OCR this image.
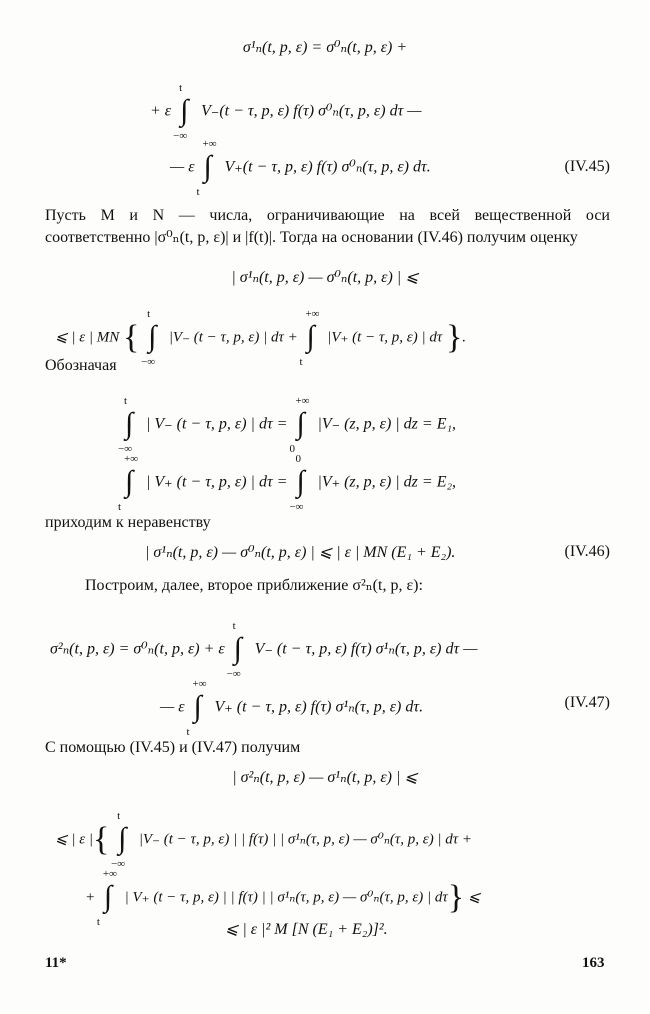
σ¹ₙ(t, p, ε) = σ⁰ₙ(t, p, ε) +
+ ε
t
∫
−∞
V₋(t − τ, p, ε) f(τ) σ⁰ₙ(τ, p, ε) dτ —
— ε
+∞
∫
t
V₊(t − τ, p, ε) f(τ) σ⁰ₙ(τ, p, ε) dτ.	(IV.45)
Пусть M и N — числа, ограничивающие на всей вещественной оси соответственно |σ⁰ₙ(t, p, ε)| и |f(t)|. Тогда на основании (IV.46) получим оценку
| σ¹ₙ(t, p, ε) — σ⁰ₙ(t, p, ε) | ⩽
⩽ | ε | MN {
t
∫
−∞
|V₋ (t − τ, p, ε) | dτ +
+∞
∫
t
|V₊ (t − τ, p, ε) | dτ }.
Обозначая
t
∫
−∞
| V₋ (t − τ, p, ε) | dτ =
+∞
∫
0
|V₋ (z, p, ε) | dz = E₁,
+∞
∫
t
| V₊ (t − τ, p, ε) | dτ =
0
∫
−∞
|V₊ (z, p, ε) | dz = E₂,
приходим к неравенству
| σ¹ₙ(t, p, ε) — σ⁰ₙ(t, p, ε) | ⩽ | ε | MN (E₁ + E₂).	(IV.46)
Построим, далее, второе приближение σ²ₙ(t, p, ε):
σ²ₙ(t, p, ε) = σ⁰ₙ(t, p, ε) + ε
t
∫
−∞
V₋ (t − τ, p, ε) f(τ) σ¹ₙ(τ, p, ε) dτ —
— ε
+∞
∫
t
V₊ (t − τ, p, ε) f(τ) σ¹ₙ(τ, p, ε) dτ.	(IV.47)
С помощью (IV.45) и (IV.47) получим
| σ²ₙ(t, p, ε) — σ¹ₙ(t, p, ε) | ⩽
⩽ | ε |{
t
∫
−∞
|V₋ (t − τ, p, ε) | | f(τ) | | σ¹ₙ(τ, p, ε) — σ⁰ₙ(τ, p, ε) | dτ +
+
+∞
∫
t
| V₊ (t − τ, p, ε) | | f(τ) | | σ¹ₙ(τ, p, ε) — σ⁰ₙ(τ, p, ε) | dτ} ⩽
⩽ | ε |² M [N (E₁ + E₂)]².
11*	163
